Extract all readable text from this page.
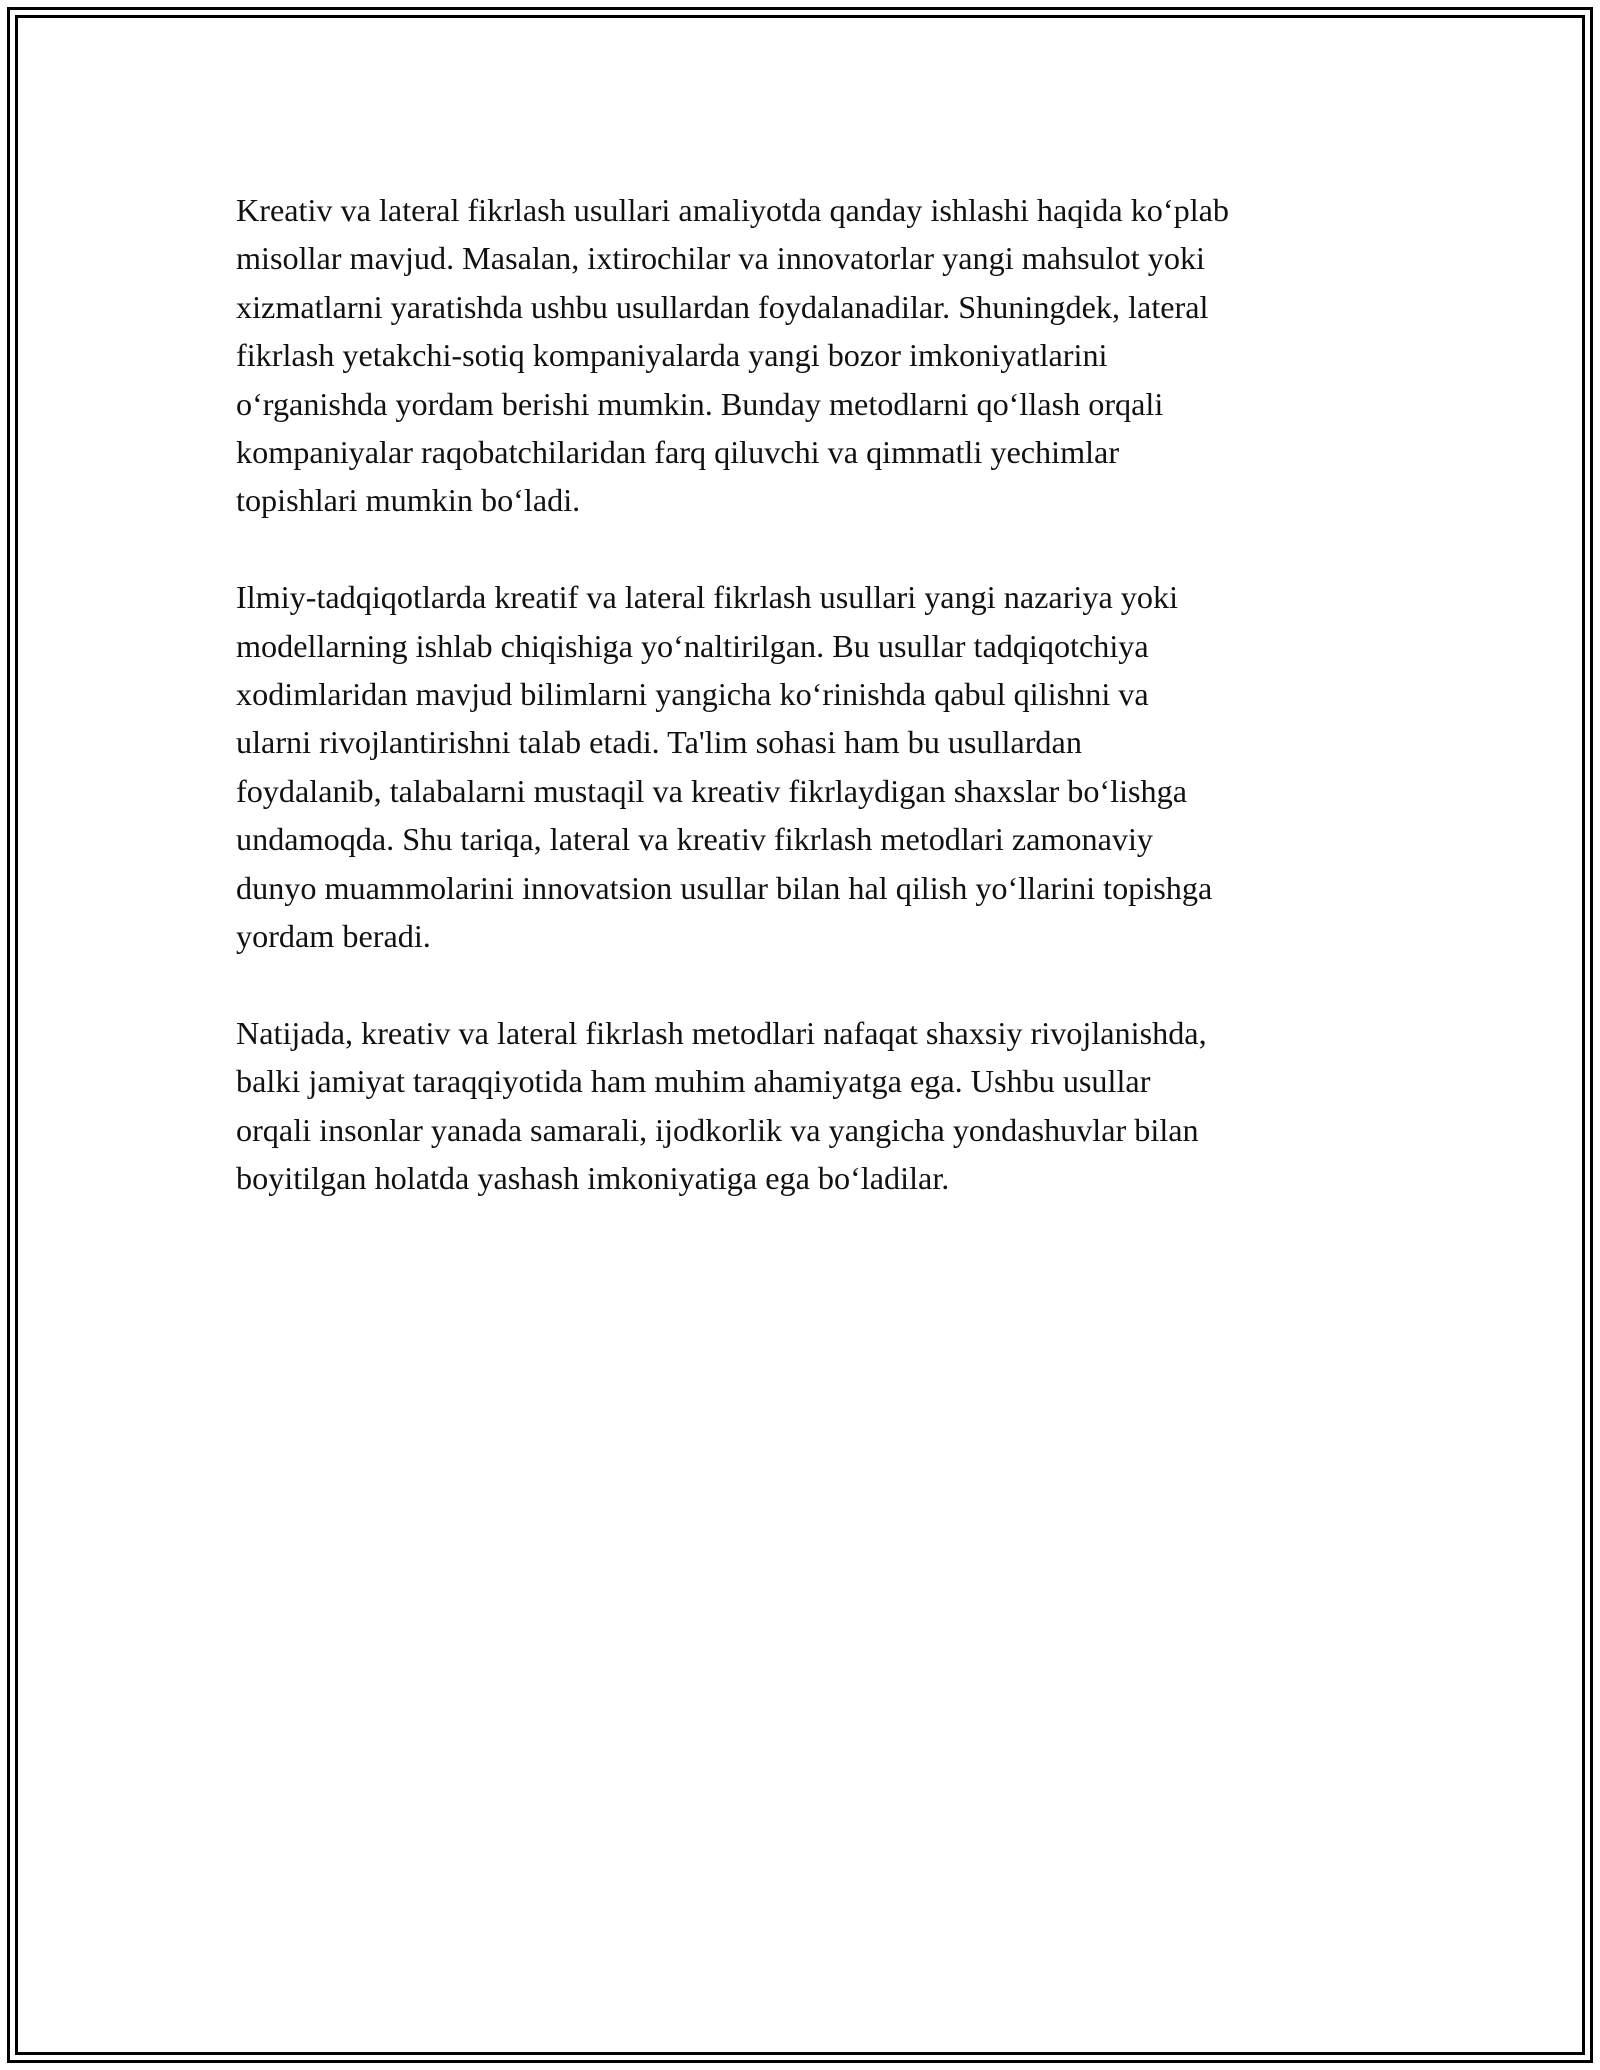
Kreativ va lateral fikrlash usullari amaliyotda qanday ishlashi haqida ko‘plab
misollar mavjud. Masalan, ixtirochilar va innovatorlar yangi mahsulot yoki
xizmatlarni yaratishda ushbu usullardan foydalanadilar. Shuningdek, lateral
fikrlash yetakchi-sotiq kompaniyalarda yangi bozor imkoniyatlarini
o‘rganishda yordam berishi mumkin. Bunday metodlarni qo‘llash orqali
kompaniyalar raqobatchilaridan farq qiluvchi va qimmatli yechimlar
topishlari mumkin bo‘ladi.

Ilmiy-tadqiqotlarda kreatif va lateral fikrlash usullari yangi nazariya yoki
modellarning ishlab chiqishiga yo‘naltirilgan. Bu usullar tadqiqotchiya
xodimlaridan mavjud bilimlarni yangicha ko‘rinishda qabul qilishni va
ularni rivojlantirishni talab etadi. Ta'lim sohasi ham bu usullardan
foydalanib, talabalarni mustaqil va kreativ fikrlaydigan shaxslar bo‘lishga
undamoqda. Shu tariqa, lateral va kreativ fikrlash metodlari zamonaviy
dunyo muammolarini innovatsion usullar bilan hal qilish yo‘llarini topishga
yordam beradi.

Natijada, kreativ va lateral fikrlash metodlari nafaqat shaxsiy rivojlanishda,
balki jamiyat taraqqiyotida ham muhim ahamiyatga ega. Ushbu usullar
orqali insonlar yanada samarali, ijodkorlik va yangicha yondashuvlar bilan
boyitilgan holatda yashash imkoniyatiga ega bo‘ladilar.
